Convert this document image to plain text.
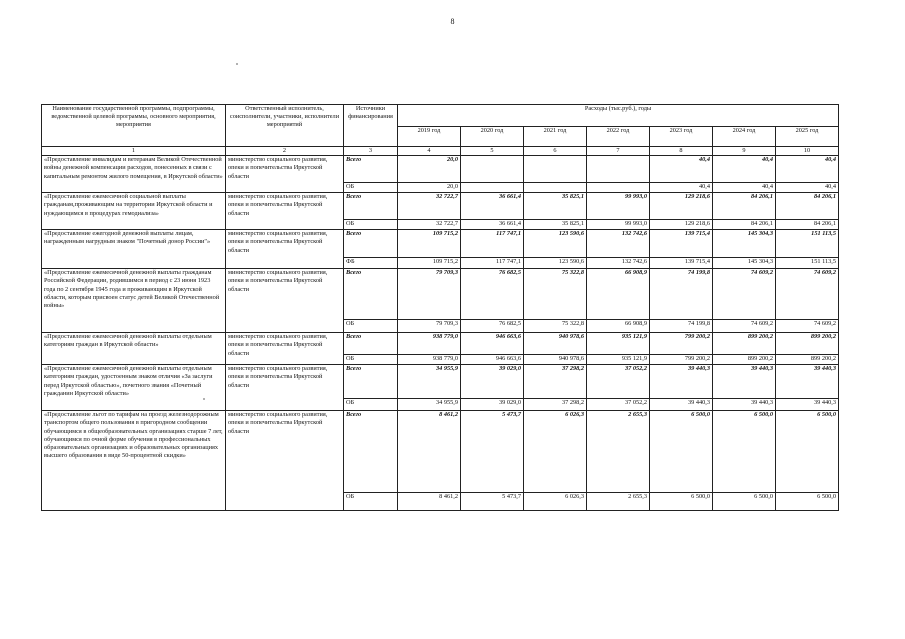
8
Наименование государственной программы, подпрограммы, ведомственной целевой программы, основного мероприятия, мероприятия	Ответственный исполнитель, соисполнители, участники, исполнители мероприятий	Источники финансирования	Расходы (тыс.руб.), годы						
			2019 год	2020 год	2021 год	2022 год	2023 год	2024 год	2025 год
1	2	3	4	5	6	7	8	9	10
«Предоставление инвалидам и ветеранам Великой Отечественной войны денежной компенсации расходов, понесенных в связи с капитальным ремонтом жилого помещения, в Иркутской области»	министерство социального развития, опеки и попечительства Иркутской области	Всего	20,0				40,4	40,4	40,4
		ОБ	20,0				40,4	40,4	40,4
«Предоставление ежемесячной социальной выплаты гражданам,проживающим на территории Иркутской области и нуждающимся в процедурах гемодиализа»	министерство социального развития, опеки и попечительства Иркутской области	Всего	32 722,7	36 661,4	35 825,1	99 993,0	129 218,6	84 206,1	84 206,1
		ОБ	32 722,7	36 661,4	35 825,1	99 993,0	129 218,6	84 206,1	84 206,1
«Предоставление ежегодной денежной выплаты лицам, награжденным нагрудным знаком "Почетный донор России"»	министерство социального развития, опеки и попечительства Иркутской области	Всего	109 715,2	117 747,1	123 590,6	132 742,6	139 715,4	145 304,3	151 113,5
		ФБ	109 715,2	117 747,1	123 590,6	132 742,6	139 715,4	145 304,3	151 113,5
«Предоставление ежемесячной денежной выплаты гражданам Российской Федерации, родившимся в период с 23 июня 1923 года по 2 сентября 1945 года и проживающим в Иркутской области, которым присвоен статус детей Великой Отечественной войны»	министерство социального развития, опеки и попечительства Иркутской области	Всего	79 709,3	76 682,5	75 322,8	66 908,9	74 199,8	74 609,2	74 609,2
		ОБ	79 709,3	76 682,5	75 322,8	66 908,9	74 199,8	74 609,2	74 609,2
«Предоставление ежемесячной денежной выплаты отдельным категориям граждан в Иркутской области»	министерство социального развития, опеки и попечительства Иркутской области	Всего	938 779,0	946 663,6	940 978,6	935 121,9	799 200,2	899 200,2	899 200,2
		ОБ	938 779,0	946 663,6	940 978,6	935 121,9	799 200,2	899 200,2	899 200,2
«Предоставление ежемесячной денежной выплаты отдельным категориям граждан, удостоенным знаком отличия «За заслуги перед Иркутской областью», почетного звания «Почетный гражданин Иркутской области»	министерство социального развития, опеки и попечительства Иркутской области	Всего	34 955,9	39 029,0	37 298,2	37 052,2	39 440,3	39 440,3	39 440,3
		ОБ	34 955,9	39 029,0	37 298,2	37 052,2	39 440,3	39 440,3	39 440,3
«Предоставление льгот по тарифам на проезд железнодорожным транспортом общего пользования в пригородном сообщении обучающимся в общеобразовательных организациях старше 7 лет, обучающимся по очной форме обучения в профессиональных образовательных организациях и образовательных организациях высшего образования в виде 50-процентной скидки»	министерство социального развития, опеки и попечительства Иркутской области	Всего	8 461,2	5 473,7	6 026,3	2 655,3	6 500,0	6 500,0	6 500,0
		ОБ	8 461,2	5 473,7	6 026,3	2 655,3	6 500,0	6 500,0	6 500,0
